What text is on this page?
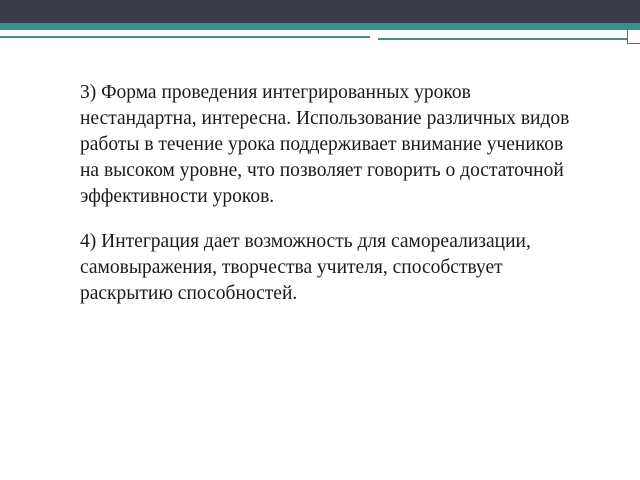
3) Форма проведения интегрированных уроков нестандартна, интересна. Использование различных видов работы в течение урока поддерживает внимание учеников на высоком уровне, что позволяет говорить о достаточной эффективности уроков.

4) Интеграция дает возможность для самореализации, самовыражения, творчества учителя, способствует раскрытию способностей.
